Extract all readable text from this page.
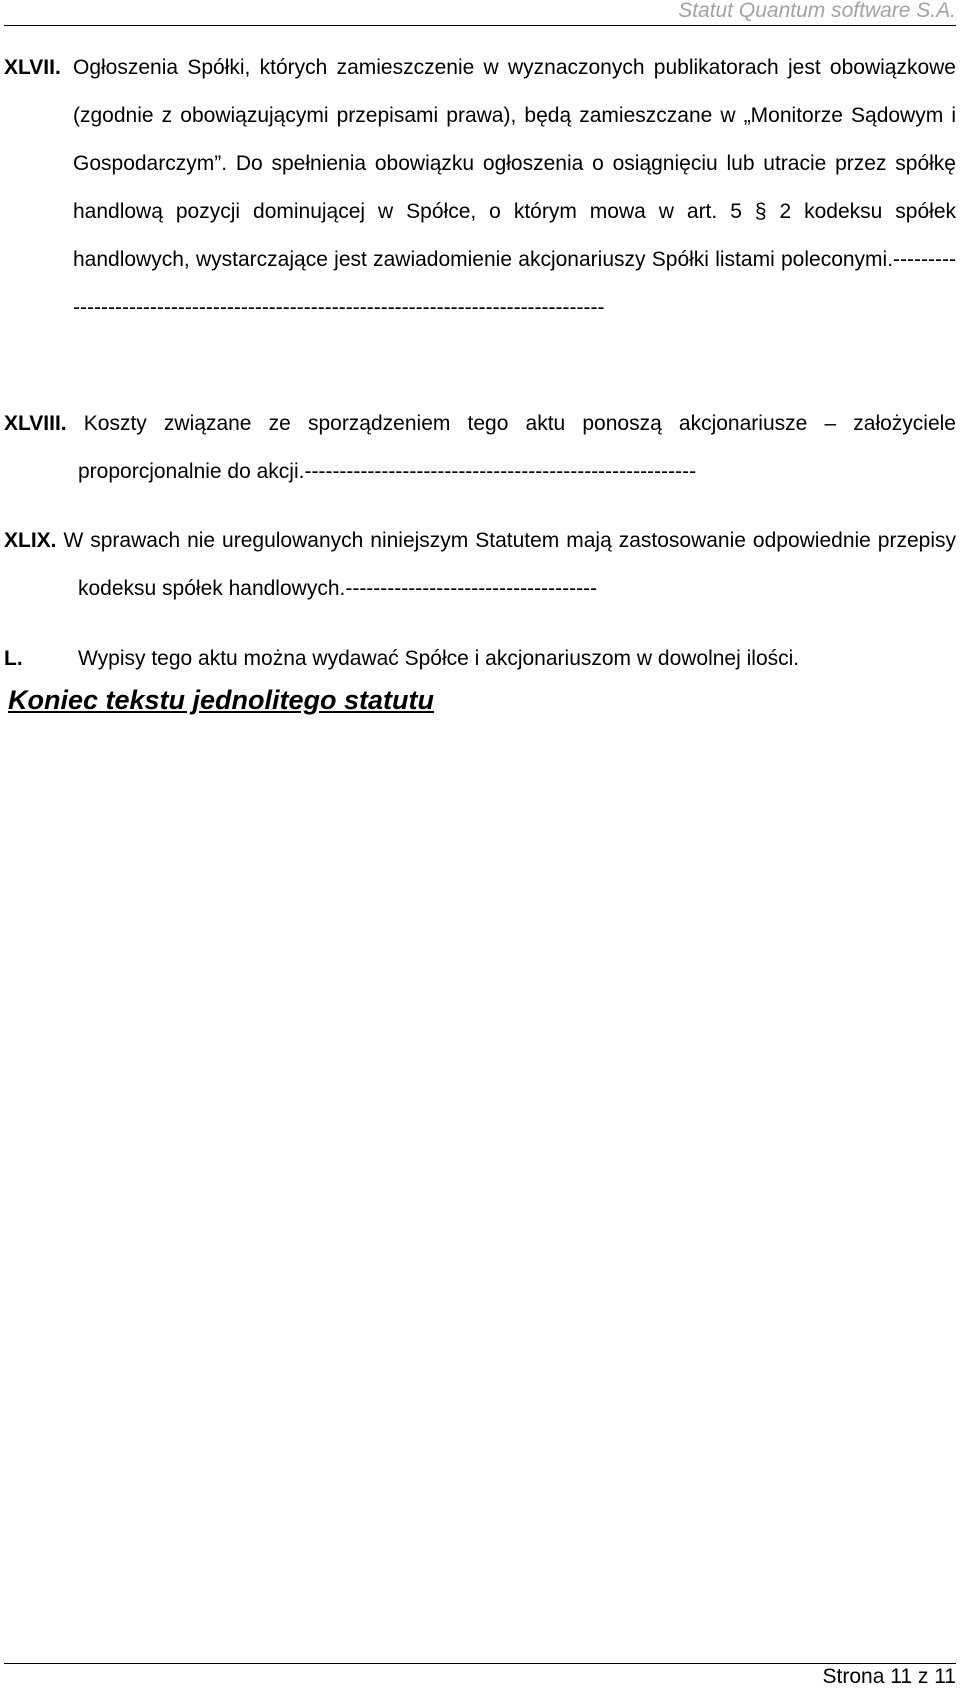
Statut Quantum software S.A.
XLVII. Ogłoszenia Spółki, których zamieszczenie w wyznaczonych publikatorach jest obowiązkowe (zgodnie z obowiązującymi przepisami prawa), będą zamieszczane w „Monitorze Sądowym i Gospodarczym”. Do spełnienia obowiązku ogłoszenia o osiągnięciu lub utracie przez spółkę handlową pozycji dominującej w Spółce, o którym mowa w art. 5 § 2 kodeksu spółek handlowych, wystarczające jest zawiadomienie akcjonariuszy Spółki listami poleconymi.-------------------------------------------------------------------------------------
XLVIII. Koszty związane ze sporządzeniem tego aktu ponoszą akcjonariusze – założyciele proporcjonalnie do akcji.--------------------------------------------------------
XLIX. W sprawach nie uregulowanych niniejszym Statutem mają zastosowanie odpowiednie przepisy kodeksu spółek handlowych.------------------------------------
L.	Wypisy tego aktu można wydawać Spółce i akcjonariuszom w dowolnej ilości.
Koniec tekstu jednolitego statutu
Strona 11 z 11
